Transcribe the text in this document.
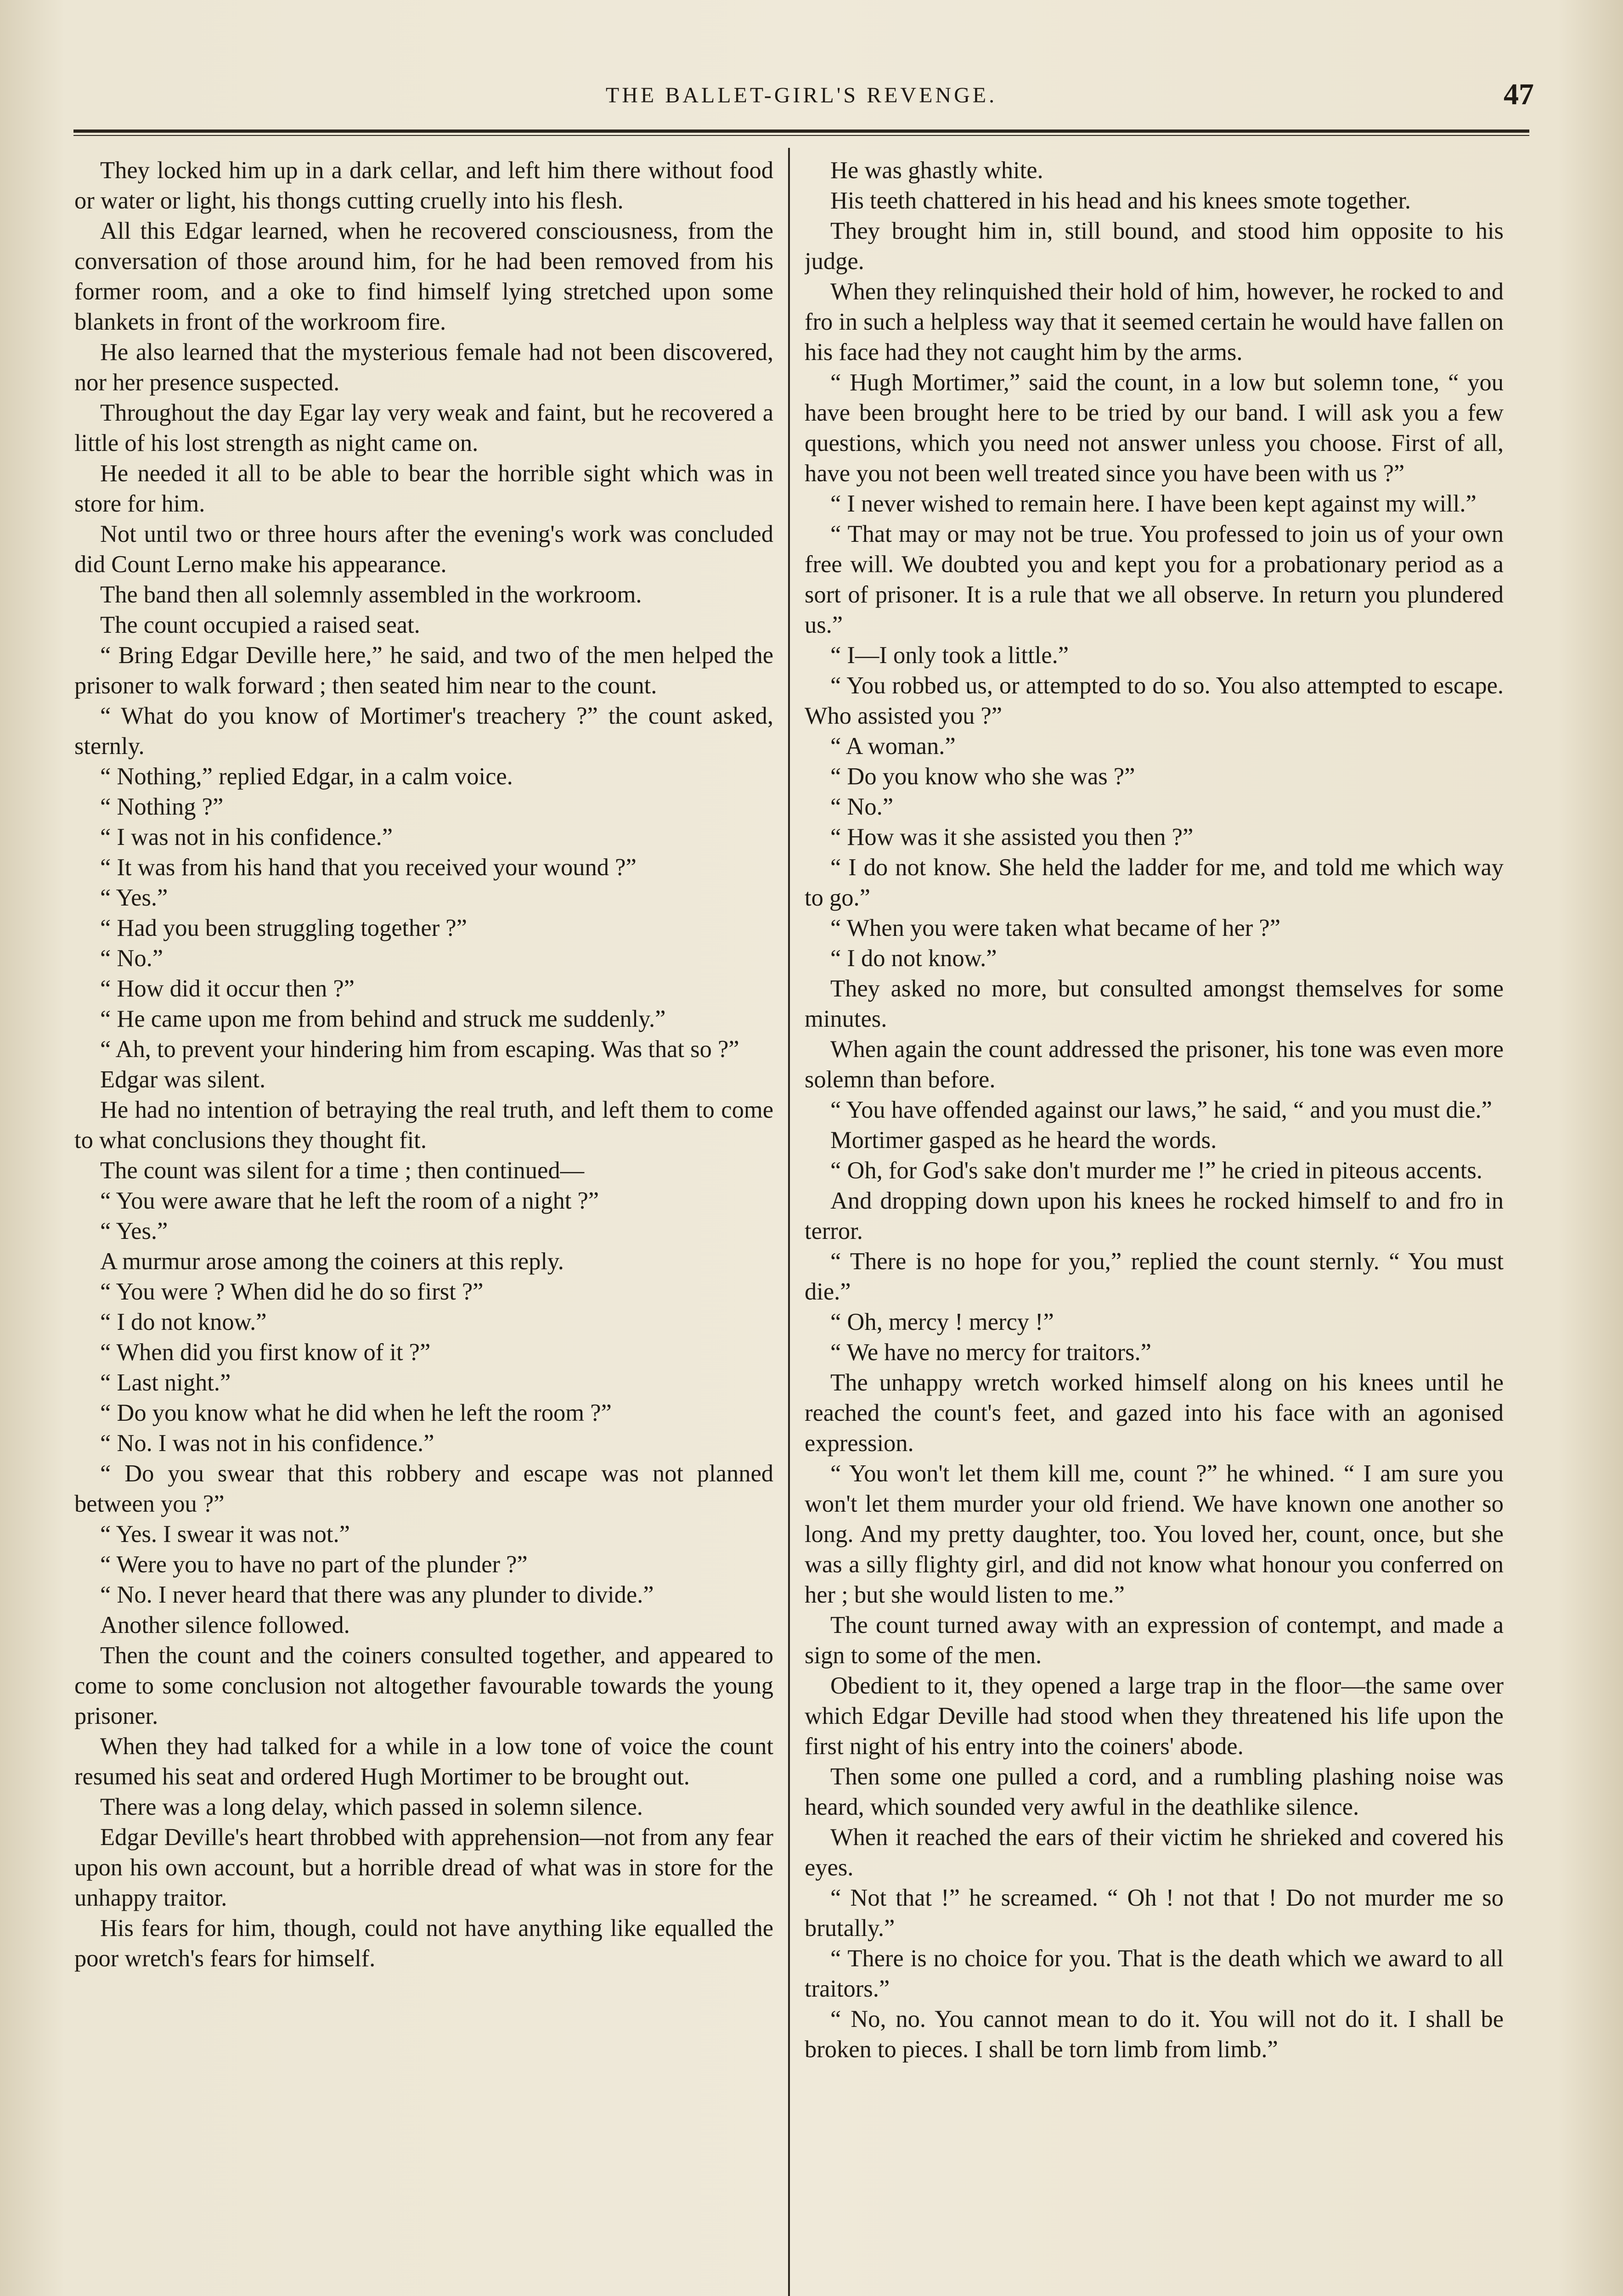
THE BALLET-GIRL'S REVENGE.	47

They locked him up in a dark cellar, and left him there without food or water or light, his thongs cutting cruelly into his flesh.

All this Edgar learned, when he recovered consciousness, from the conversation of those around him, for he had been removed from his former room, and a oke to find himself lying stretched upon some blankets in front of the workroom fire.

He also learned that the mysterious female had not been discovered, nor her presence suspected.

Throughout the day Egar lay very weak and faint, but he recovered a little of his lost strength as night came on.

He needed it all to be able to bear the horrible sight which was in store for him.

Not until two or three hours after the evening's work was concluded did Count Lerno make his appearance.

The band then all solemnly assembled in the workroom.

The count occupied a raised seat.

“ Bring Edgar Deville here,” he said, and two of the men helped the prisoner to walk forward ; then seated him near to the count.

“ What do you know of Mortimer's treachery ?” the count asked, sternly.

“ Nothing,” replied Edgar, in a calm voice.

“ Nothing ?”

“ I was not in his confidence.”

“ It was from his hand that you received your wound ?”

“ Yes.”

“ Had you been struggling together ?”

“ No.”

“ How did it occur then ?”

“ He came upon me from behind and struck me suddenly.”

“ Ah, to prevent your hindering him from escaping. Was that so ?”

Edgar was silent.

He had no intention of betraying the real truth, and left them to come to what conclusions they thought fit.

The count was silent for a time ; then continued—

“ You were aware that he left the room of a night ?”

“ Yes.”

A murmur arose among the coiners at this reply.

“ You were ? When did he do so first ?”

“ I do not know.”

“ When did you first know of it ?”

“ Last night.”

“ Do you know what he did when he left the room ?”

“ No. I was not in his confidence.”

“ Do you swear that this robbery and escape was not planned between you ?”

“ Yes. I swear it was not.”

“ Were you to have no part of the plunder ?”

“ No. I never heard that there was any plunder to divide.”

Another silence followed.

Then the count and the coiners consulted together, and appeared to come to some conclusion not altogether favourable towards the young prisoner.

When they had talked for a while in a low tone of voice the count resumed his seat and ordered Hugh Mortimer to be brought out.

There was a long delay, which passed in solemn silence.

Edgar Deville's heart throbbed with apprehension—not from any fear upon his own account, but a horrible dread of what was in store for the unhappy traitor.

His fears for him, though, could not have anything like equalled the poor wretch's fears for himself.

He was ghastly white.

His teeth chattered in his head and his knees smote together.

They brought him in, still bound, and stood him opposite to his judge.

When they relinquished their hold of him, however, he rocked to and fro in such a helpless way that it seemed certain he would have fallen on his face had they not caught him by the arms.

“ Hugh Mortimer,” said the count, in a low but solemn tone, “ you have been brought here to be tried by our band. I will ask you a few questions, which you need not answer unless you choose. First of all, have you not been well treated since you have been with us ?”

“ I never wished to remain here. I have been kept against my will.”

“ That may or may not be true. You professed to join us of your own free will. We doubted you and kept you for a probationary period as a sort of prisoner. It is a rule that we all observe. In return you plundered us.”

“ I—I only took a little.”

“ You robbed us, or attempted to do so. You also attempted to escape. Who assisted you ?”

“ A woman.”

“ Do you know who she was ?”

“ No.”

“ How was it she assisted you then ?”

“ I do not know. She held the ladder for me, and told me which way to go.”

“ When you were taken what became of her ?”

“ I do not know.”

They asked no more, but consulted amongst themselves for some minutes.

When again the count addressed the prisoner, his tone was even more solemn than before.

“ You have offended against our laws,” he said, “ and you must die.”

Mortimer gasped as he heard the words.

“ Oh, for God's sake don't murder me !” he cried in piteous accents.

And dropping down upon his knees he rocked himself to and fro in terror.

“ There is no hope for you,” replied the count sternly. “ You must die.”

“ Oh, mercy ! mercy !”

“ We have no mercy for traitors.”

The unhappy wretch worked himself along on his knees until he reached the count's feet, and gazed into his face with an agonised expression.

“ You won't let them kill me, count ?” he whined. “ I am sure you won't let them murder your old friend. We have known one another so long. And my pretty daughter, too. You loved her, count, once, but she was a silly flighty girl, and did not know what honour you conferred on her ; but she would listen to me.”

The count turned away with an expression of contempt, and made a sign to some of the men.

Obedient to it, they opened a large trap in the floor—the same over which Edgar Deville had stood when they threatened his life upon the first night of his entry into the coiners' abode.

Then some one pulled a cord, and a rumbling plashing noise was heard, which sounded very awful in the deathlike silence.

When it reached the ears of their victim he shrieked and covered his eyes.

“ Not that !” he screamed. “ Oh ! not that ! Do not murder me so brutally.”

“ There is no choice for you. That is the death which we award to all traitors.”

“ No, no. You cannot mean to do it. You will not do it. I shall be broken to pieces. I shall be torn limb from limb.”
